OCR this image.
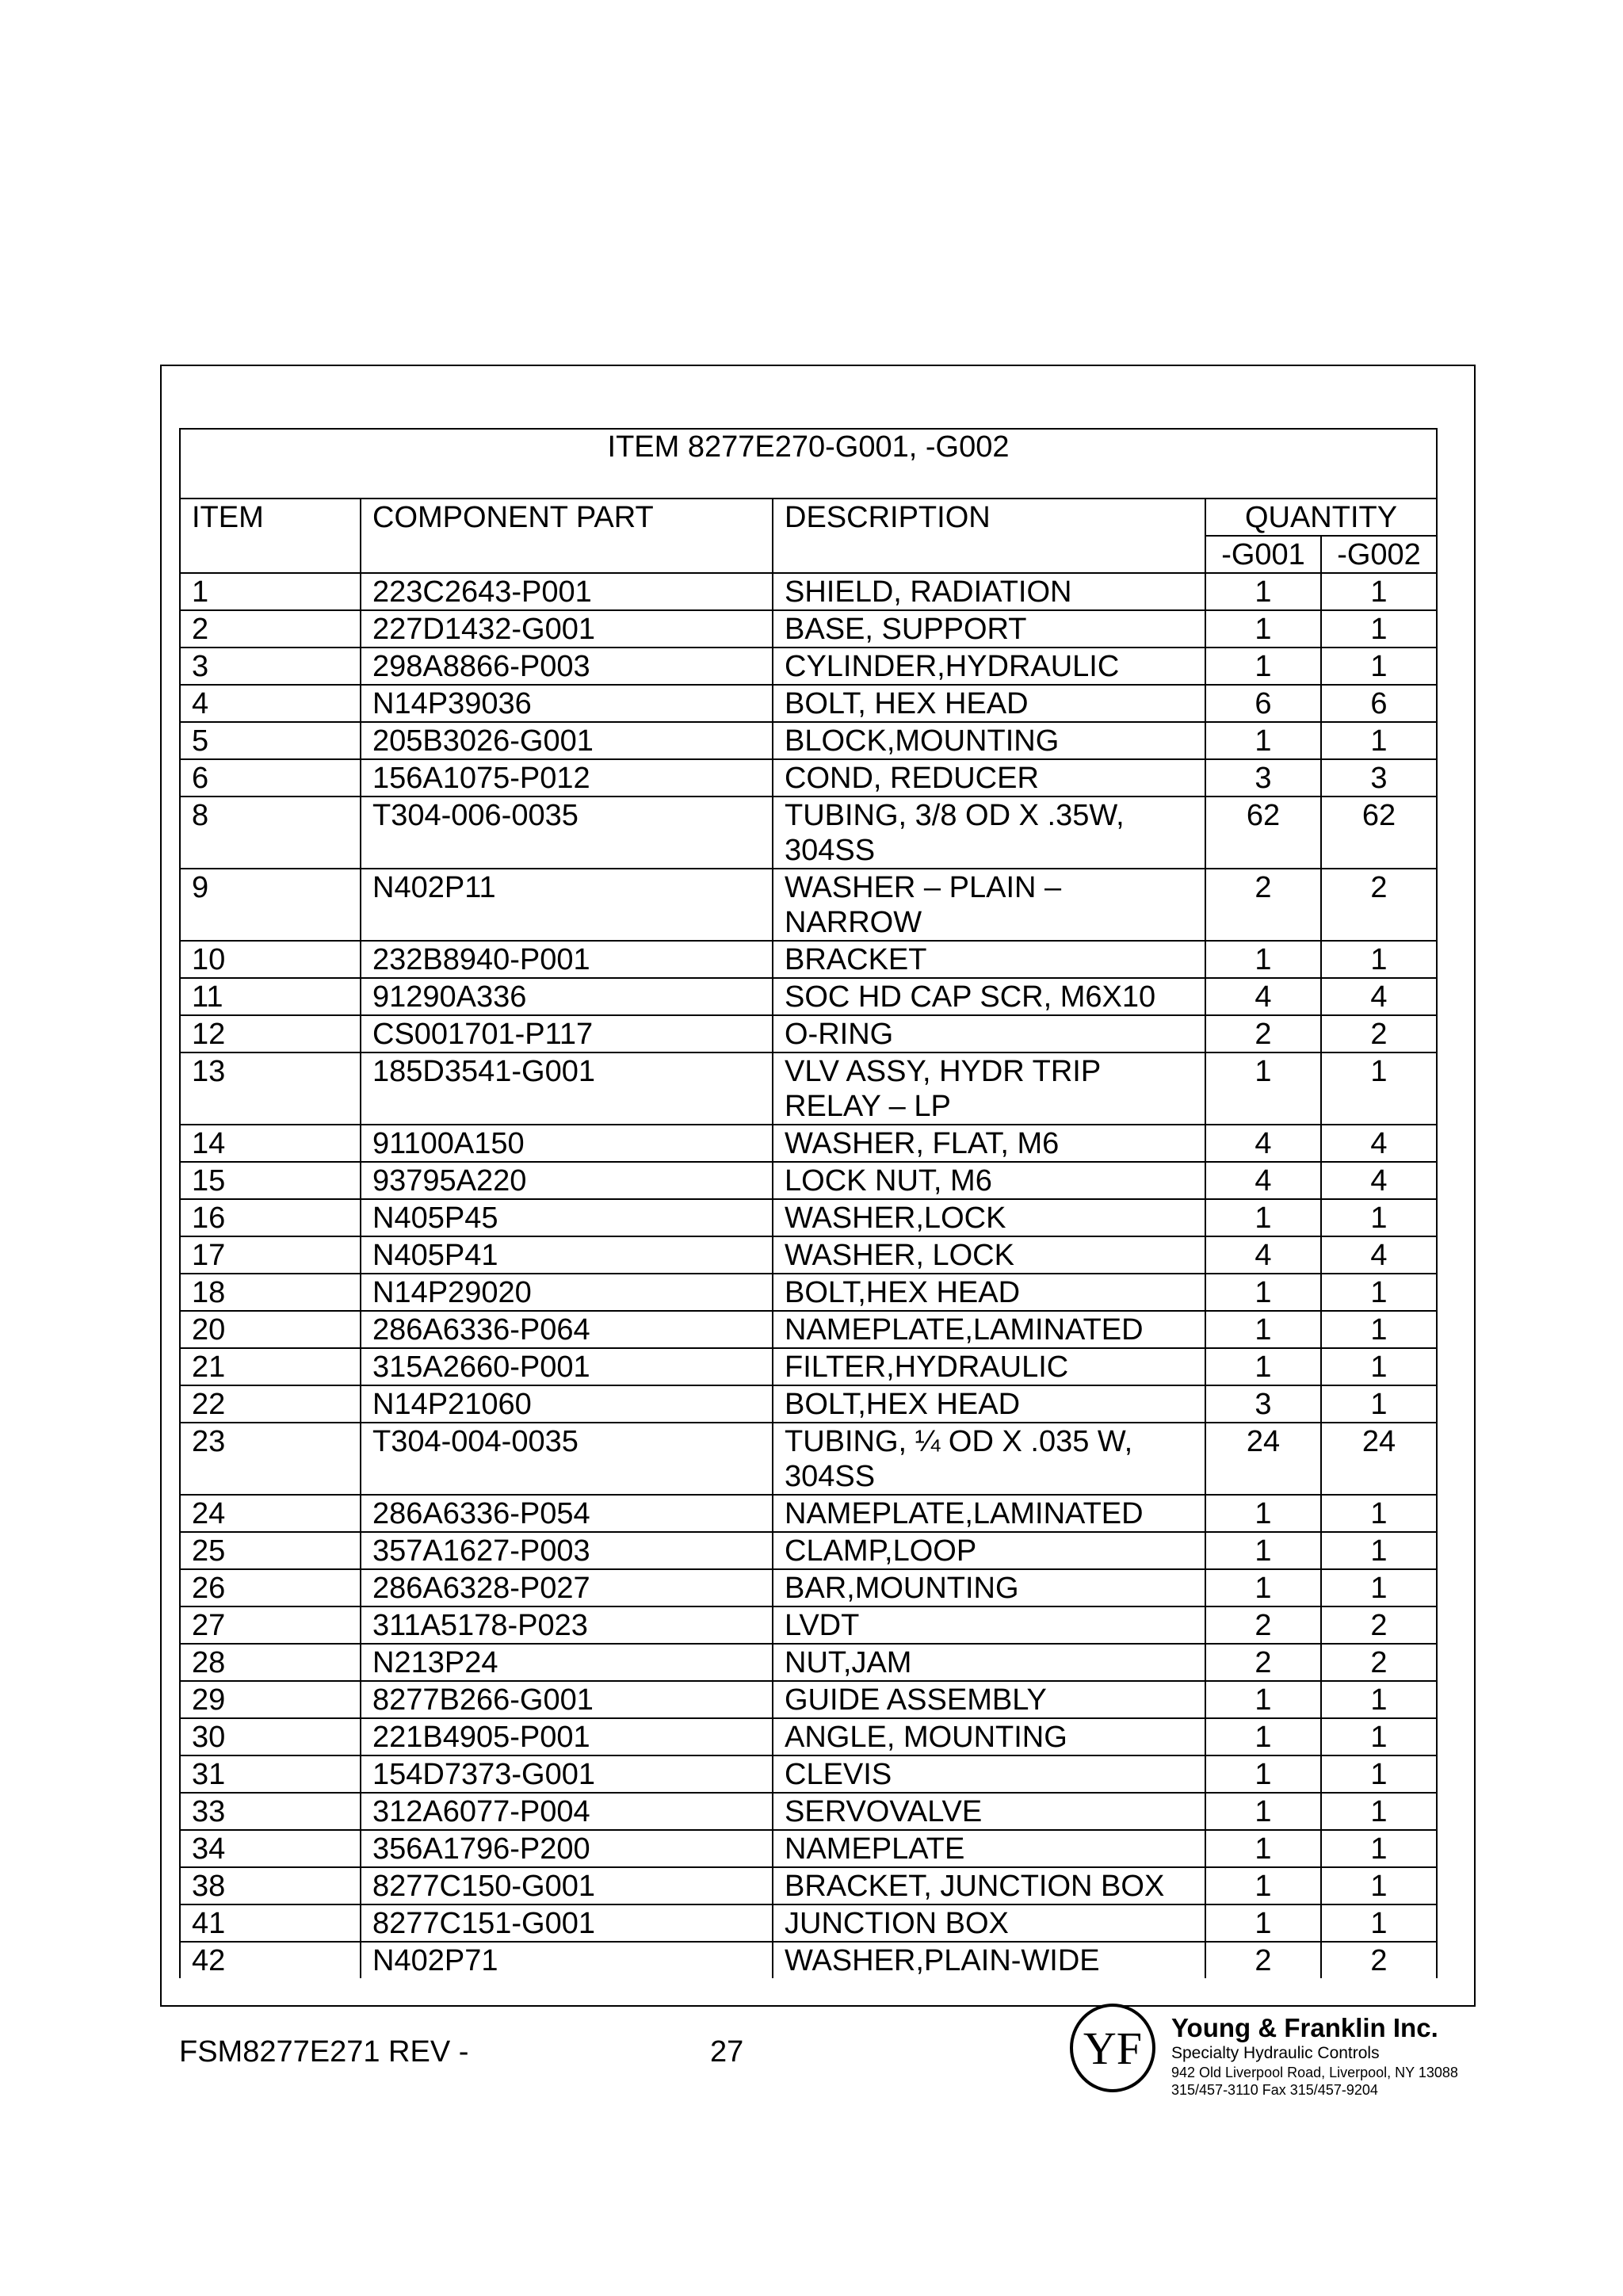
ITEM 8277E270-G001, -G002				
ITEM	COMPONENT PART	DESCRIPTION	QUANTITY	
			-G001	-G002
1	223C2643-P001	SHIELD, RADIATION	1	1
2	227D1432-G001	BASE, SUPPORT	1	1
3	298A8866-P003	CYLINDER,HYDRAULIC	1	1
4	N14P39036	BOLT, HEX HEAD	6	6
5	205B3026-G001	BLOCK,MOUNTING	1	1
6	156A1075-P012	COND, REDUCER	3	3
8	T304-006-0035	TUBING, 3/8 OD X .35W, 304SS	62	62
9	N402P11	WASHER – PLAIN – NARROW	2	2
10	232B8940-P001	BRACKET	1	1
11	91290A336	SOC HD CAP SCR, M6X10	4	4
12	CS001701-P117	O-RING	2	2
13	185D3541-G001	VLV ASSY, HYDR TRIP RELAY – LP	1	1
14	91100A150	WASHER, FLAT, M6	4	4
15	93795A220	LOCK NUT, M6	4	4
16	N405P45	WASHER,LOCK	1	1
17	N405P41	WASHER, LOCK	4	4
18	N14P29020	BOLT,HEX HEAD	1	1
20	286A6336-P064	NAMEPLATE,LAMINATED	1	1
21	315A2660-P001	FILTER,HYDRAULIC	1	1
22	N14P21060	BOLT,HEX HEAD	3	1
23	T304-004-0035	TUBING, ¼ OD X .035 W, 304SS	24	24
24	286A6336-P054	NAMEPLATE,LAMINATED	1	1
25	357A1627-P003	CLAMP,LOOP	1	1
26	286A6328-P027	BAR,MOUNTING	1	1
27	311A5178-P023	LVDT	2	2
28	N213P24	NUT,JAM	2	2
29	8277B266-G001	GUIDE ASSEMBLY	1	1
30	221B4905-P001	ANGLE, MOUNTING	1	1
31	154D7373-G001	CLEVIS	1	1
33	312A6077-P004	SERVOVALVE	1	1
34	356A1796-P200	NAMEPLATE	1	1
38	8277C150-G001	BRACKET, JUNCTION BOX	1	1
41	8277C151-G001	JUNCTION BOX	1	1
42	N402P71	WASHER,PLAIN-WIDE	2	2
FSM8277E271 REV -	27	YF Young & Franklin Inc.
Specialty Hydraulic Controls
942 Old Liverpool Road, Liverpool, NY 13088
315/457-3110 Fax 315/457-9204
